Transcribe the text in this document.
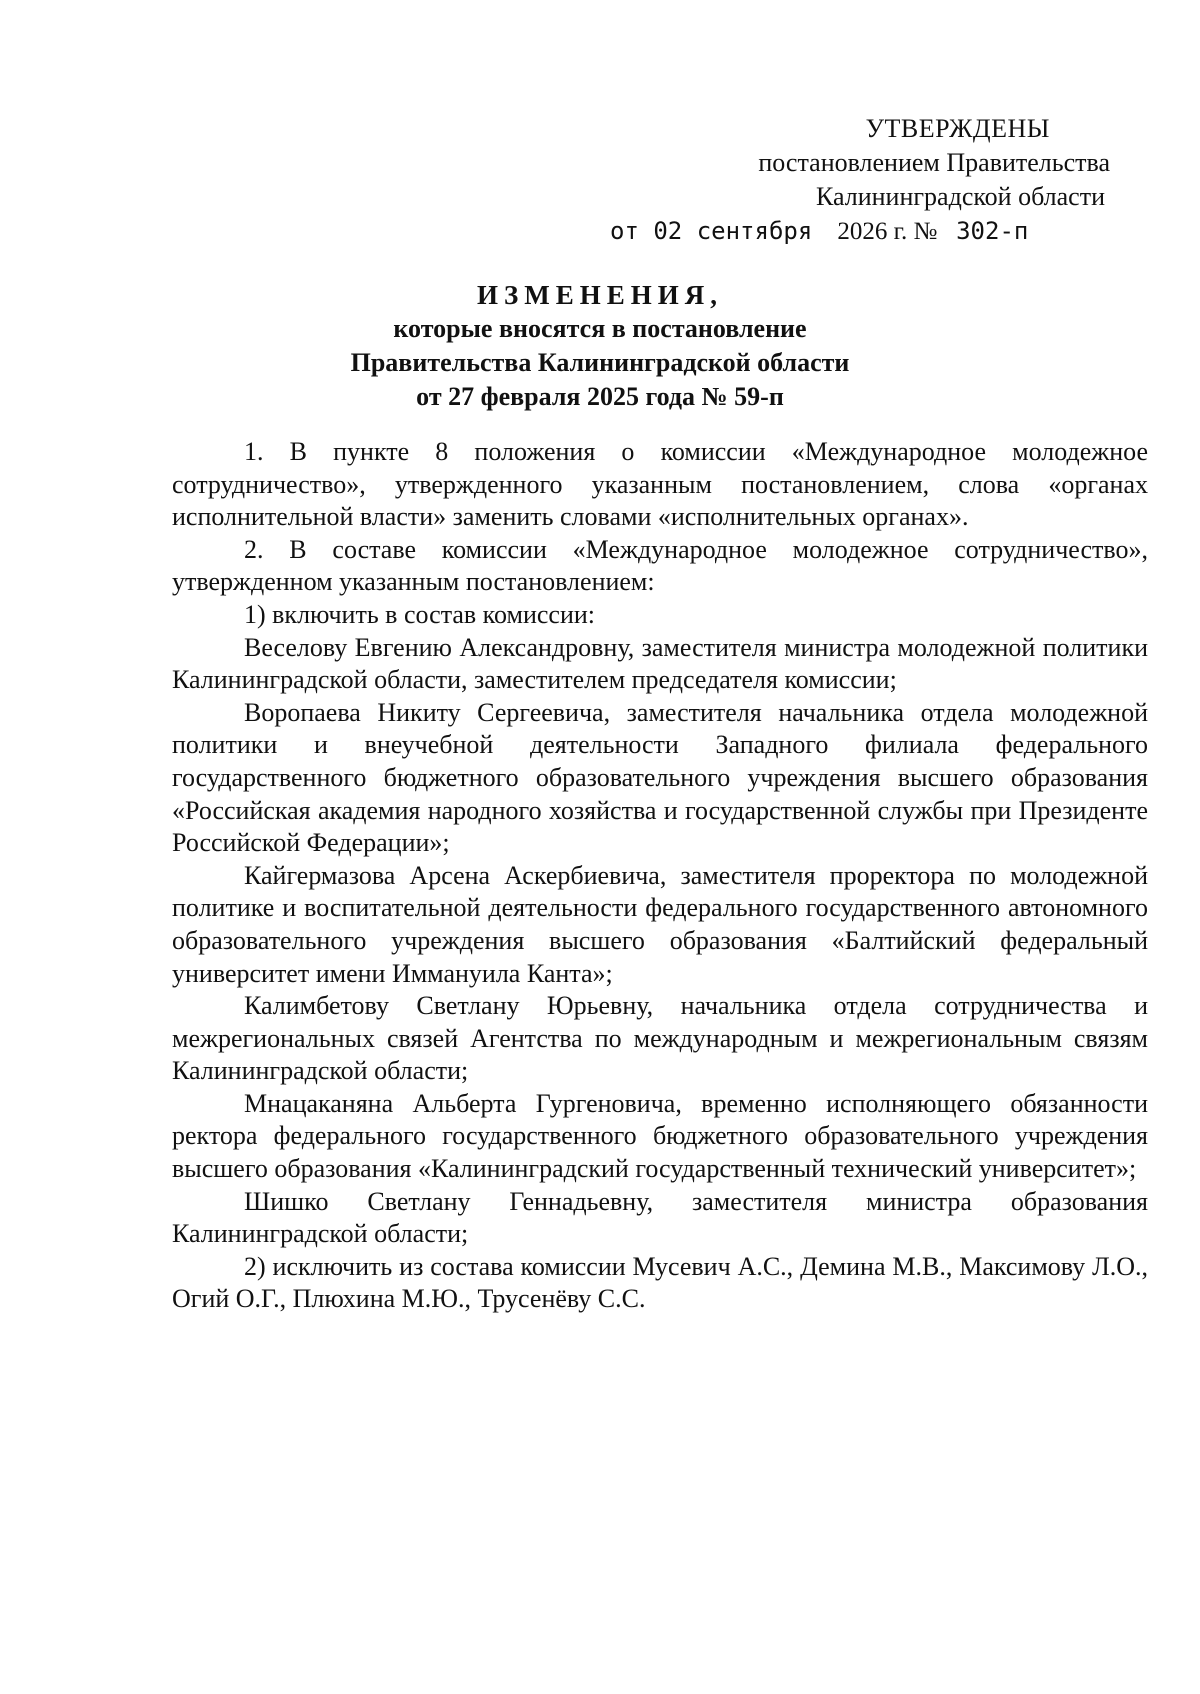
УТВЕРЖДЕНЫ
постановлением Правительства
Калининградской области
от 02 сентября 2026 г. № 302-п
ИЗМЕНЕНИЯ,
которые вносятся в постановление
Правительства Калининградской области
от 27 февраля 2025 года № 59-п

1. В пункте 8 положения о комиссии «Международное молодежное сотрудничество», утвержденного указанным постановлением, слова «органах исполнительной власти» заменить словами «исполнительных органах».

2. В составе комиссии «Международное молодежное сотрудничество», утвержденном указанным постановлением:

1) включить в состав комиссии:

Веселову Евгению Александровну, заместителя министра молодежной политики Калининградской области, заместителем председателя комиссии;

Воропаева Никиту Сергеевича, заместителя начальника отдела молодежной политики и внеучебной деятельности Западного филиала федерального государственного бюджетного образовательного учреждения высшего образования «Российская академия народного хозяйства и государственной службы при Президенте Российской Федерации»;

Кайгермазова Арсена Аскербиевича, заместителя проректора по молодежной политике и воспитательной деятельности федерального государственного автономного образовательного учреждения высшего образования «Балтийский федеральный университет имени Иммануила Канта»;

Калимбетову Светлану Юрьевну, начальника отдела сотрудничества и межрегиональных связей Агентства по международным и межрегиональным связям Калининградской области;

Мнацаканяна Альберта Гургеновича, временно исполняющего обязанности ректора федерального государственного бюджетного образовательного учреждения высшего образования «Калининградский государственный технический университет»;

Шишко Светлану Геннадьевну, заместителя министра образования Калининградской области;

2) исключить из состава комиссии Мусевич А.С., Демина М.В., Максимову Л.О., Огий О.Г., Плюхина М.Ю., Трусенёву С.С.
